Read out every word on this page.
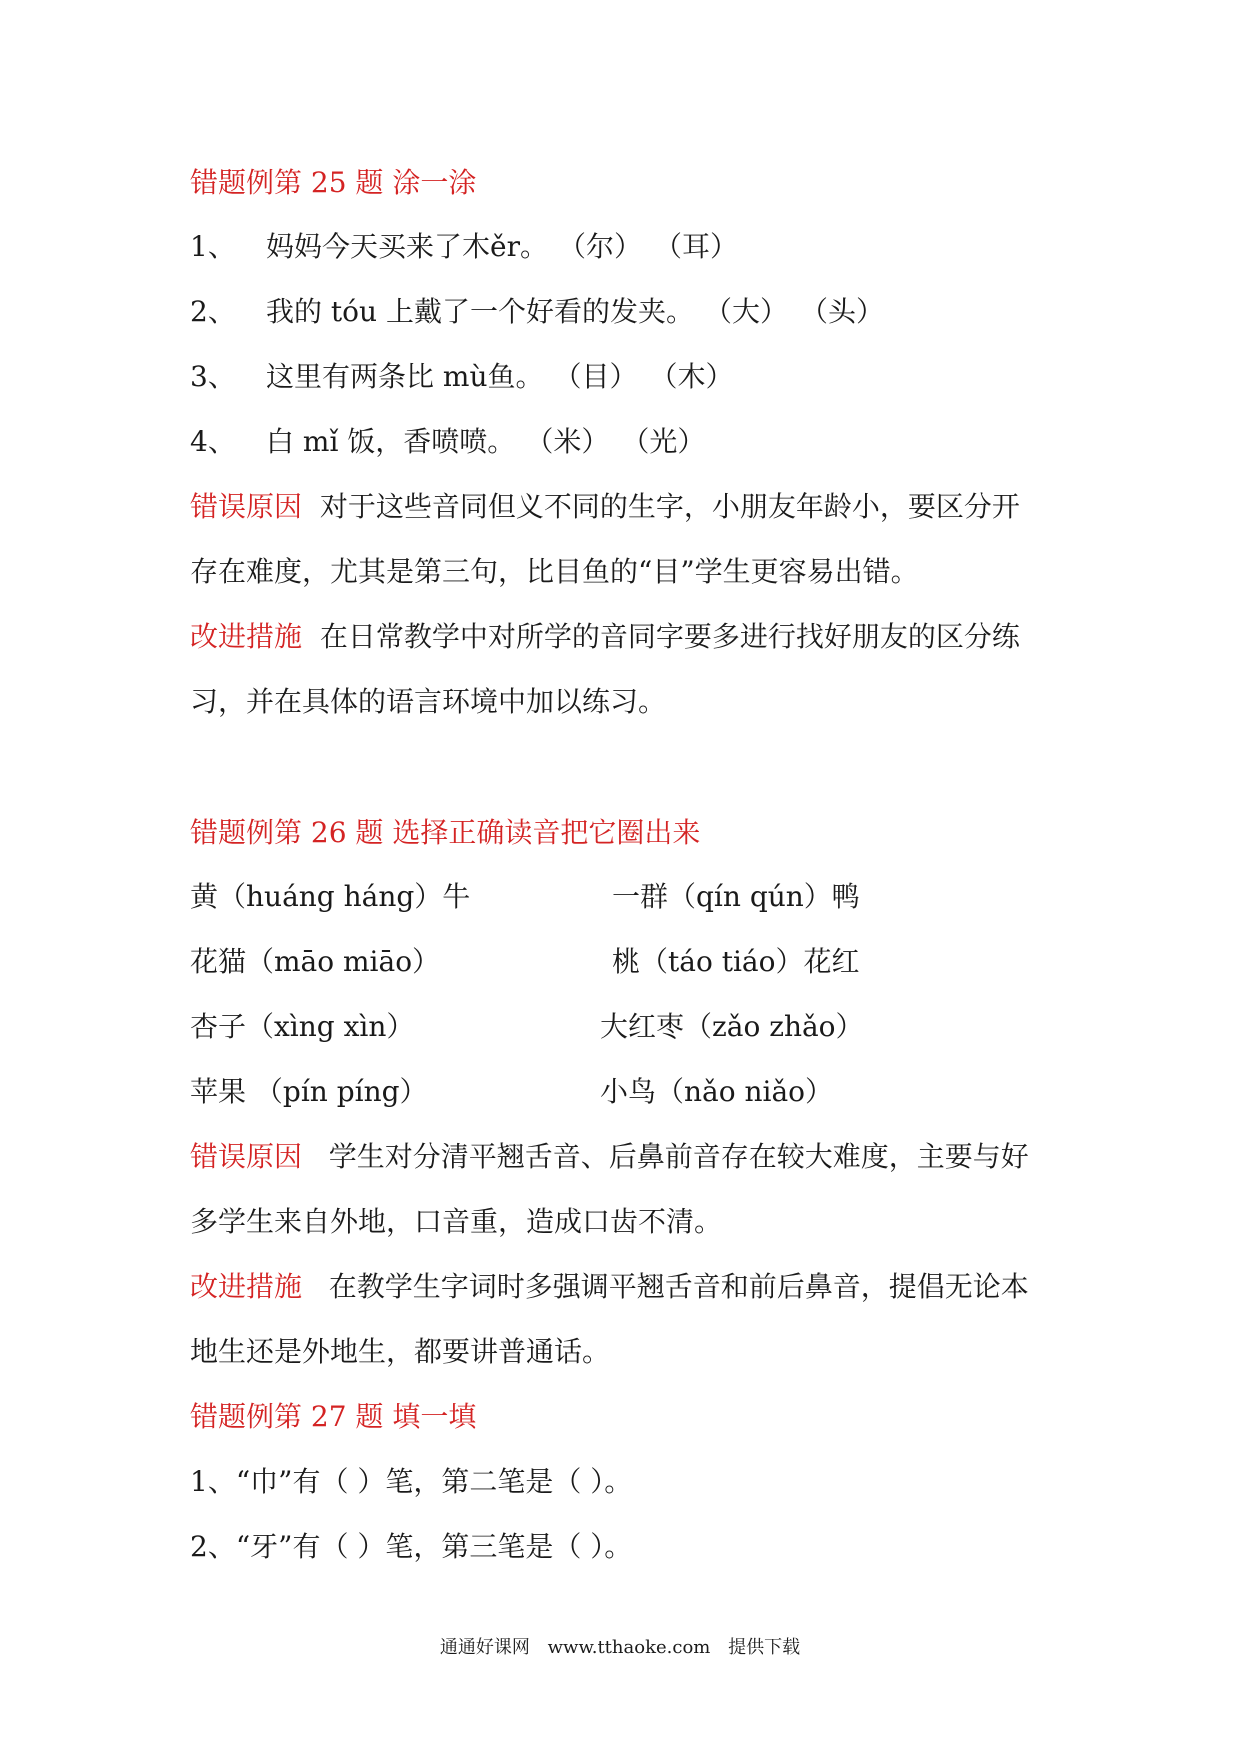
错题例第 25 题 涂一涂
1、 妈妈今天买来了木ěr。 （尔） （耳）
2、 我的 tóu 上戴了一个好看的发夹。 （大） （头）
3、 这里有两条比 mù鱼。 （目） （木）
4、 白 mǐ 饭，香喷喷。 （米） （光）
错误原因 对于这些音同但义不同的生字，小朋友年龄小，要区分开
存在难度，尤其是第三句，比目鱼的“目”学生更容易出错。
改进措施 在日常教学中对所学的音同字要多进行找好朋友的区分练
习，并在具体的语言环境中加以练习。
错题例第 26 题 选择正确读音把它圈出来
黄（huáng háng）牛	一群（qín qún）鸭
花猫（māo miāo）	桃（táo tiáo）花红
杏子（xìng xìn）	大红枣（zǎo zhǎo）
苹果 （pín píng）	小鸟（nǎo niǎo）
错误原因 学生对分清平翘舌音、后鼻前音存在较大难度，主要与好
多学生来自外地，口音重，造成口齿不清。
改进措施 在教学生字词时多强调平翘舌音和前后鼻音，提倡无论本
地生还是外地生，都要讲普通话。
错题例第 27 题 填一填
1、“巾”有（ ）笔，第二笔是（ ）。
2、“牙”有（ ）笔，第三笔是（ ）。
通通好课网 www.tthaoke.com 提供下载
